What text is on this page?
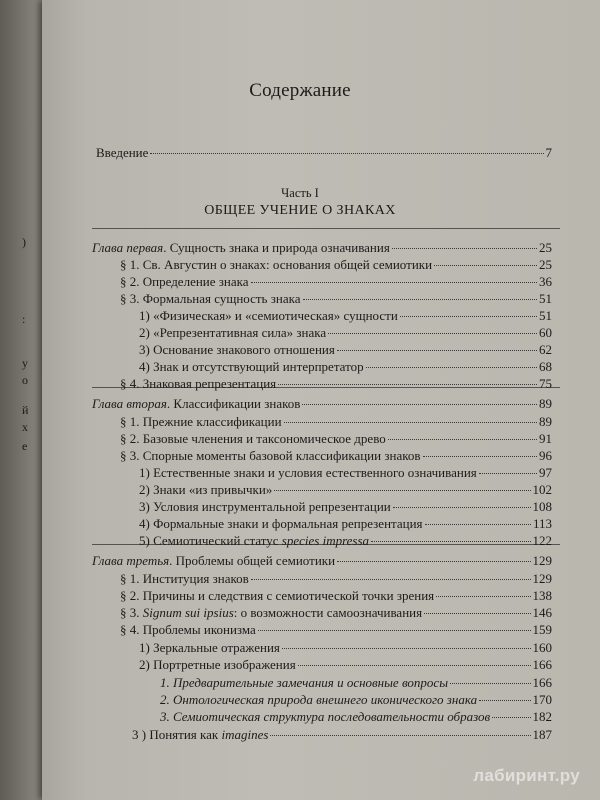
)
:
у
о
й
х
е
Содержание
Введение	7
Часть I
ОБЩЕЕ УЧЕНИЕ О ЗНАКАХ
Глава первая. Сущность знака и природа означивания	25
§ 1. Св. Августин о знаках: основания общей семиотики	25
§ 2. Определение знака	36
§ 3. Формальная сущность знака	51
1) «Физическая» и «семиотическая» сущности	51
2) «Репрезентативная сила» знака	60
3) Основание знакового отношения	62
4) Знак и отсутствующий интерпретатор	68
§ 4. Знаковая репрезентация	75
Глава вторая. Классификации знаков	89
§ 1. Прежние классификации	89
§ 2. Базовые членения и таксономическое древо	91
§ 3. Спорные моменты базовой классификации знаков	96
1) Естественные знаки и условия естественного означивания	97
2) Знаки «из привычки»	102
3) Условия инструментальной репрезентации	108
4) Формальные знаки и формальная репрезентация	113
5) Семиотический статус species impressa	122
Глава третья. Проблемы общей семиотики	129
§ 1. Институция знаков	129
§ 2. Причины и следствия с семиотической точки зрения	138
§ 3. Signum sui ipsius: о возможности самоозначивания	146
§ 4. Проблемы иконизма	159
1) Зеркальные отражения	160
2) Портретные изображения	166
1. Предварительные замечания и основные вопросы	166
2. Онтологическая природа внешнего иконического знака	170
3. Семиотическая структура последовательности образов	182
3 ) Понятия как imagines	187
лабиринт.ру
